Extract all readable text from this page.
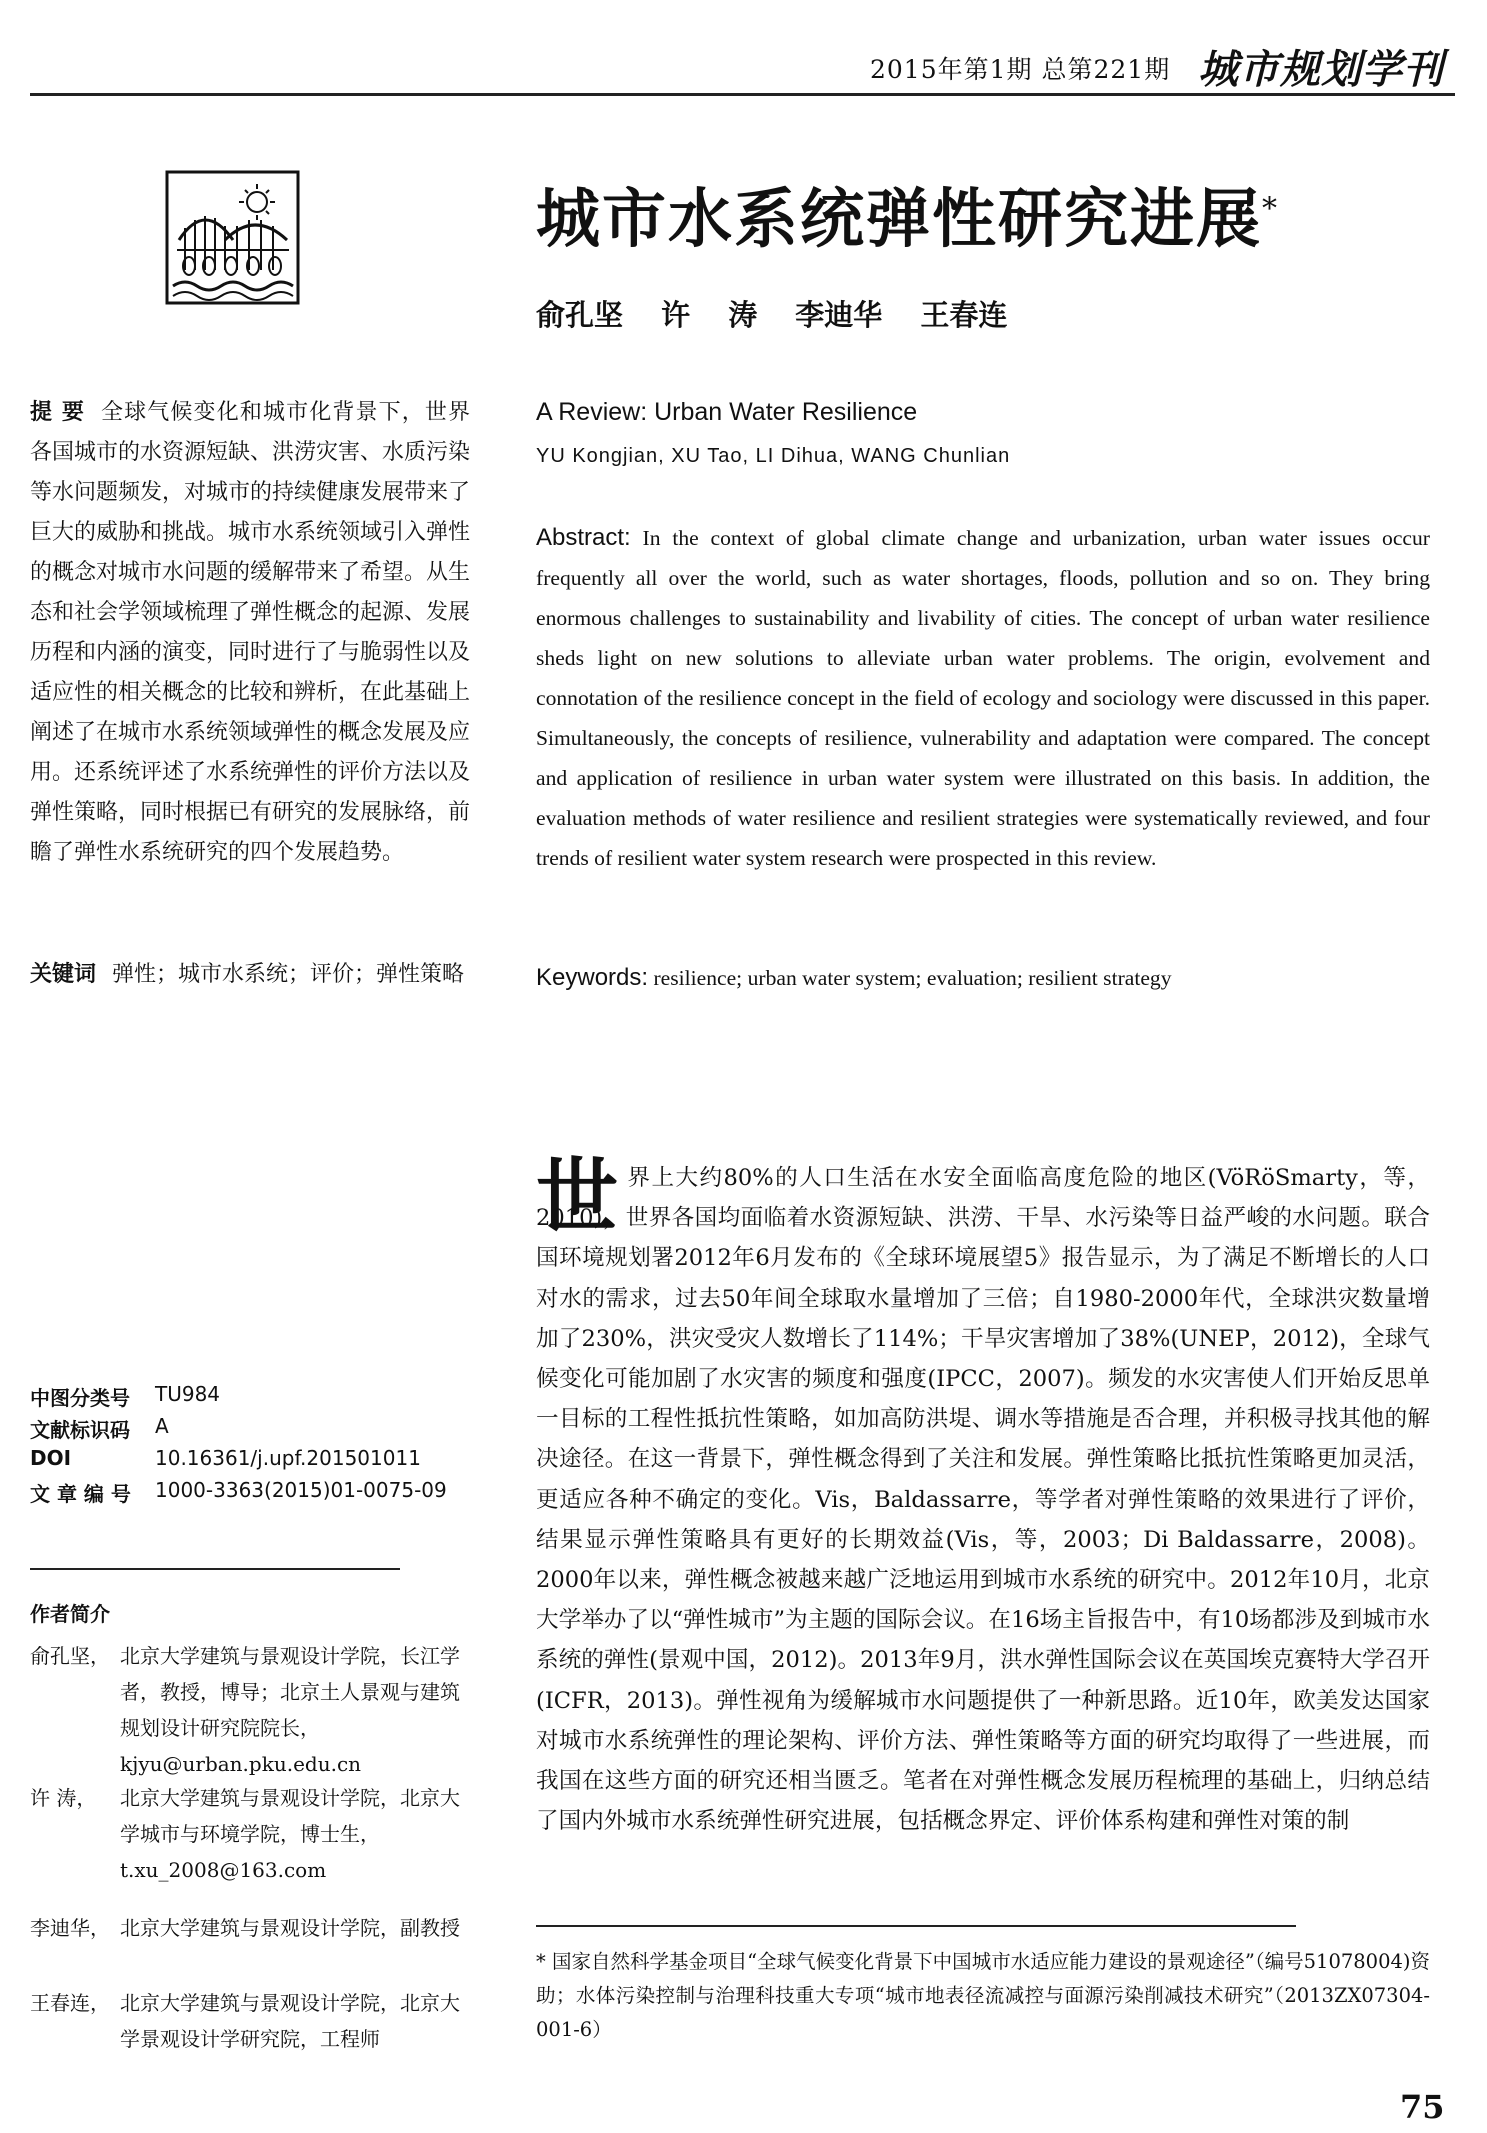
2015年第1期 总第221期 城市规划学刊
城市水系统弹性研究进展*
俞孔坚 许 涛 李迪华 王春连
提 要 全球气候变化和城市化背景下，世界各国城市的水资源短缺、洪涝灾害、水质污染等水问题频发，对城市的持续健康发展带来了巨大的威胁和挑战。城市水系统领域引入弹性的概念对城市水问题的缓解带来了希望。从生态和社会学领域梳理了弹性概念的起源、发展历程和内涵的演变，同时进行了与脆弱性以及适应性的相关概念的比较和辨析，在此基础上阐述了在城市水系统领域弹性的概念发展及应用。还系统评述了水系统弹性的评价方法以及弹性策略，同时根据已有研究的发展脉络，前瞻了弹性水系统研究的四个发展趋势。
关键词 弹性；城市水系统；评价；弹性策略
A Review: Urban Water Resilience
YU Kongjian, XU Tao, LI Dihua, WANG Chunlian
Abstract: In the context of global climate change and urbanization, urban water issues occur frequently all over the world, such as water shortages, floods, pollution and so on. They bring enormous challenges to sustainability and livability of cities. The concept of urban water resilience sheds light on new solutions to alleviate urban water problems. The origin, evolvement and connotation of the resilience concept in the field of ecology and sociology were discussed in this paper. Simultaneously, the concepts of resilience, vulnerability and adaptation were compared. The concept and application of resilience in urban water system were illustrated on this basis. In addition, the evaluation methods of water resilience and resilient strategies were systematically reviewed, and four trends of resilient water system research were prospected in this review.
Keywords: resilience; urban water system; evaluation; resilient strategy
中图分类号 TU984
文献标识码 A
DOI	10.16361/j.upf.201501011
文 章 编 号 1000-3363(2015)01-0075-09
作者简介
俞孔坚， 北京大学建筑与景观设计学院，长江学者，教授，博导；北京土人景观与建筑规划设计研究院院长，kjyu@urban.pku.edu.cn
许 涛，	北京大学建筑与景观设计学院，北京大学城市与环境学院，博士生，t.xu_2008@163.com
李迪华， 北京大学建筑与景观设计学院，副教授
王春连， 北京大学建筑与景观设计学院，北京大学景观设计学研究院，工程师
世 界上大约80%的人口生活在水安全面临高度危险的地区(VöRöSmarty，等，2010)，世界各国均面临着水资源短缺、洪涝、干旱、水污染等日益严峻的水问题。联合国环境规划署2012年6月发布的《全球环境展望5》报告显示，为了满足不断增长的人口对水的需求，过去50年间全球取水量增加了三倍；自1980-2000年代，全球洪灾数量增加了230%，洪灾受灾人数增长了114%；干旱灾害增加了38%(UNEP，2012)，全球气候变化可能加剧了水灾害的频度和强度(IPCC，2007)。频发的水灾害使人们开始反思单一目标的工程性抵抗性策略，如加高防洪堤、调水等措施是否合理，并积极寻找其他的解决途径。在这一背景下，弹性概念得到了关注和发展。弹性策略比抵抗性策略更加灵活，更适应各种不确定的变化。Vis，Baldassarre，等学者对弹性策略的效果进行了评价，结果显示弹性策略具有更好的长期效益(Vis，等，2003；Di Baldassarre，2008)。2000年以来，弹性概念被越来越广泛地运用到城市水系统的研究中。2012年10月，北京大学举办了以“弹性城市”为主题的国际会议。在16场主旨报告中，有10场都涉及到城市水系统的弹性(景观中国，2012)。2013年9月，洪水弹性国际会议在英国埃克赛特大学召开(ICFR，2013)。弹性视角为缓解城市水问题提供了一种新思路。近10年，欧美发达国家对城市水系统弹性的理论架构、评价方法、弹性策略等方面的研究均取得了一些进展，而我国在这些方面的研究还相当匮乏。笔者在对弹性概念发展历程梳理的基础上，归纳总结了国内外城市水系统弹性研究进展，包括概念界定、评价体系构建和弹性对策的制
* 国家自然科学基金项目“全球气候变化背景下中国城市水适应能力建设的景观途径”（编号51078004)资助；水体污染控制与治理科技重大专项“城市地表径流减控与面源污染削减技术研究”（2013ZX07304-001-6）
75
